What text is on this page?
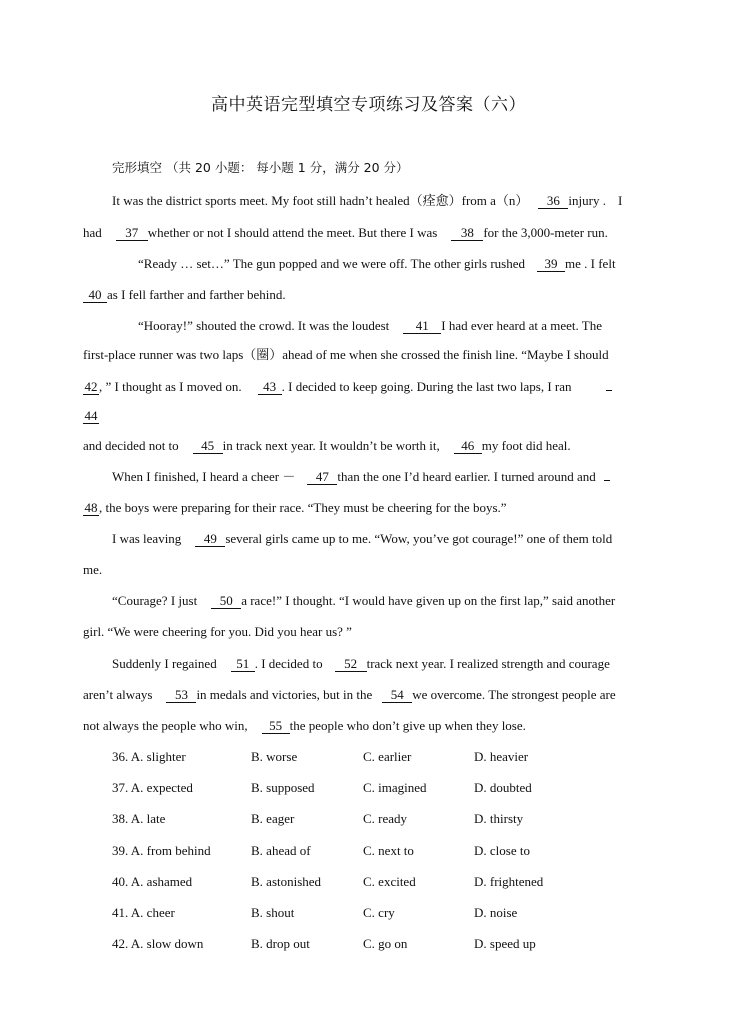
高中英语完型填空专项练习及答案（六）
完形填空 （共 20 小题： 每小题 1 分，满分 20 分）
It was the district sports meet. My foot still hadn’t healed（痊愈）from a（n） 36 injury . I
had 37 whether or not I should attend the meet. But there I was 38 for the 3,000-meter run.
“Ready … set…” The gun popped and we were off. The other girls rushed 39 me . I felt
40 as I fell farther and farther behind.
“Hooray!” shouted the crowd. It was the loudest 41 I had ever heard at a meet. The
first-place runner was two laps（圈）ahead of me when she crossed the finish line. “Maybe I should
42 , ” I thought as I moved on. 43 . I decided to keep going. During the last two laps, I ran
44
and decided not to 45 in track next year. It wouldn’t be worth it, 46 my foot did heal.
When I finished, I heard a cheer － 47 than the one I’d heard earlier. I turned around and
48 , the boys were preparing for their race. “They must be cheering for the boys.”
I was leaving 49 several girls came up to me. “Wow, you’ve got courage!” one of them told
me.
“Courage? I just 50 a race!” I thought. “I would have given up on the first lap,” said another
girl. “We were cheering for you. Did you hear us? ”
Suddenly I regained 51 . I decided to 52 track next year. I realized strength and courage
aren’t always 53 in medals and victories, but in the 54 we overcome. The strongest people are
not always the people who win, 55 the people who don’t give up when they lose.
36. A. slighter	B. worse	C. earlier	D. heavier
37. A. expected	B. supposed	C. imagined	D. doubted
38. A. late	B. eager	C. ready	D. thirsty
39. A. from behind	B. ahead of	C. next to	D. close to
40. A. ashamed	B. astonished	C. excited	D. frightened
41. A. cheer	B. shout	C. cry	D. noise
42. A. slow down	B. drop out	C. go on	D. speed up
